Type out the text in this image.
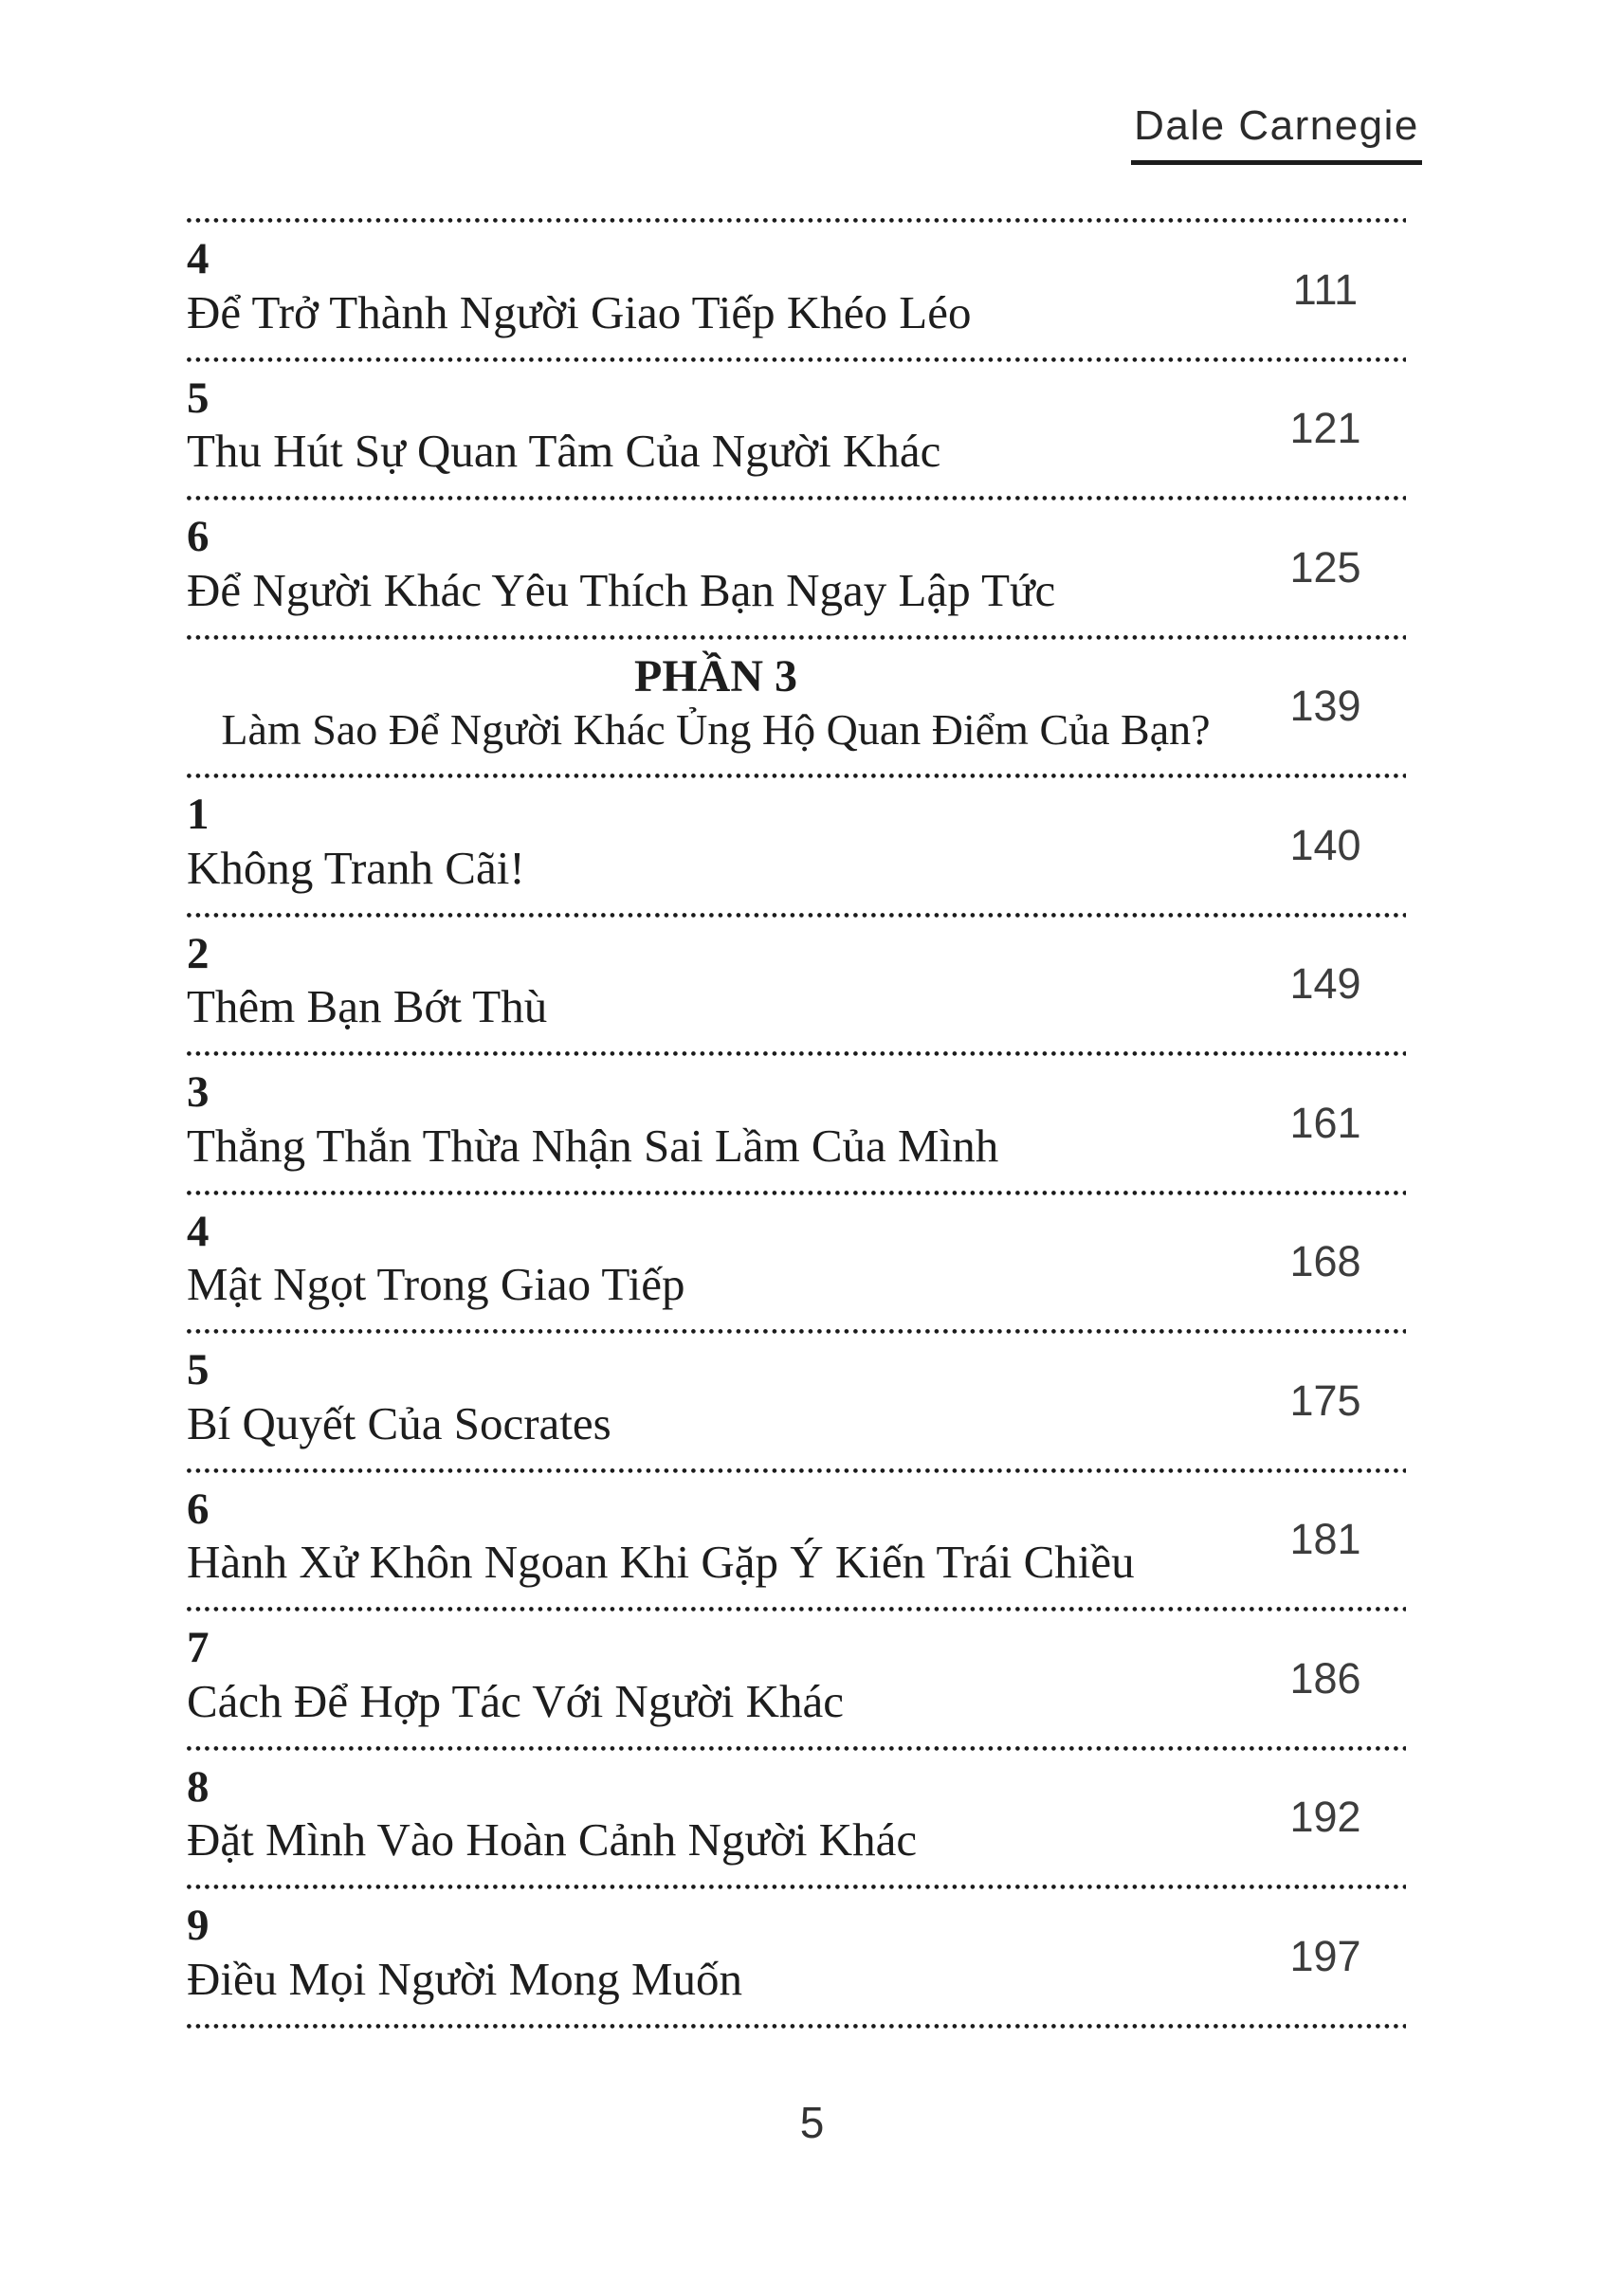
Dale Carnegie
4
Để Trở Thành Người Giao Tiếp Khéo Léo	111
5
Thu Hút Sự Quan Tâm Của Người Khác	121
6
Để Người Khác Yêu Thích Bạn Ngay Lập Tức	125
PHẦN 3
Làm Sao Để Người Khác Ủng Hộ Quan Điểm Của Bạn?	139
1
Không Tranh Cãi!	140
2
Thêm Bạn Bớt Thù	149
3
Thẳng Thắn Thừa Nhận Sai Lầm Của Mình	161
4
Mật Ngọt Trong Giao Tiếp	168
5
Bí Quyết Của Socrates	175
6
Hành Xử Khôn Ngoan Khi Gặp Ý Kiến Trái Chiều	181
7
Cách Để Hợp Tác Với Người Khác	186
8
Đặt Mình Vào Hoàn Cảnh Người Khác	192
9
Điều Mọi Người Mong Muốn	197
5
